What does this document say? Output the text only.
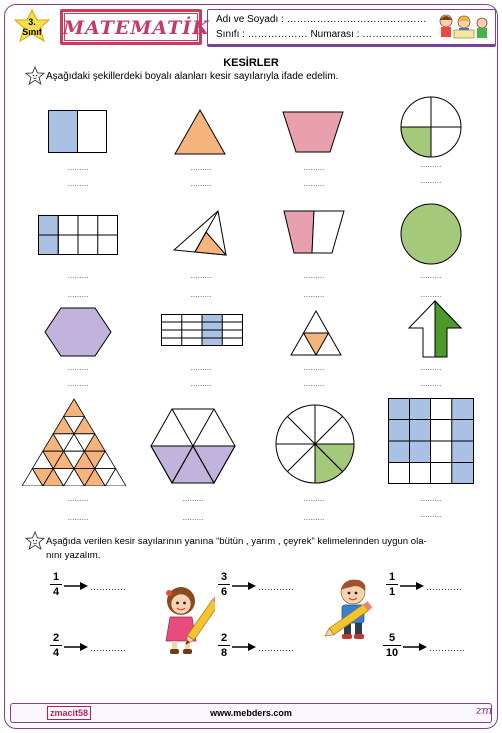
3.
Sınıf	MATEMATİK Adı ve Soyadı : ……………………………………
Sınıfı : ……………… Numarası : …………………
KESİRLER
Aşağıdaki şekillerdeki boyalı alanları kesir sayılarıyla ifade edelim.
………
………
………
………
………
………
………
………
………
………
………
………
………
………
………
………
………
………
………
………
………
………
………
………
………
………
………
………
………
………
………
………
Aşağıda verilen kesir sayılarının yanına “bütün , yarım , çeyrek” kelimelerinden uygun ola-
nını yazalım.
1
4	…………
3
6	…………
1
1	…………
2
4	…………
2
8	…………
5
10	…………
zmacit58	www.mebders.com	zm
